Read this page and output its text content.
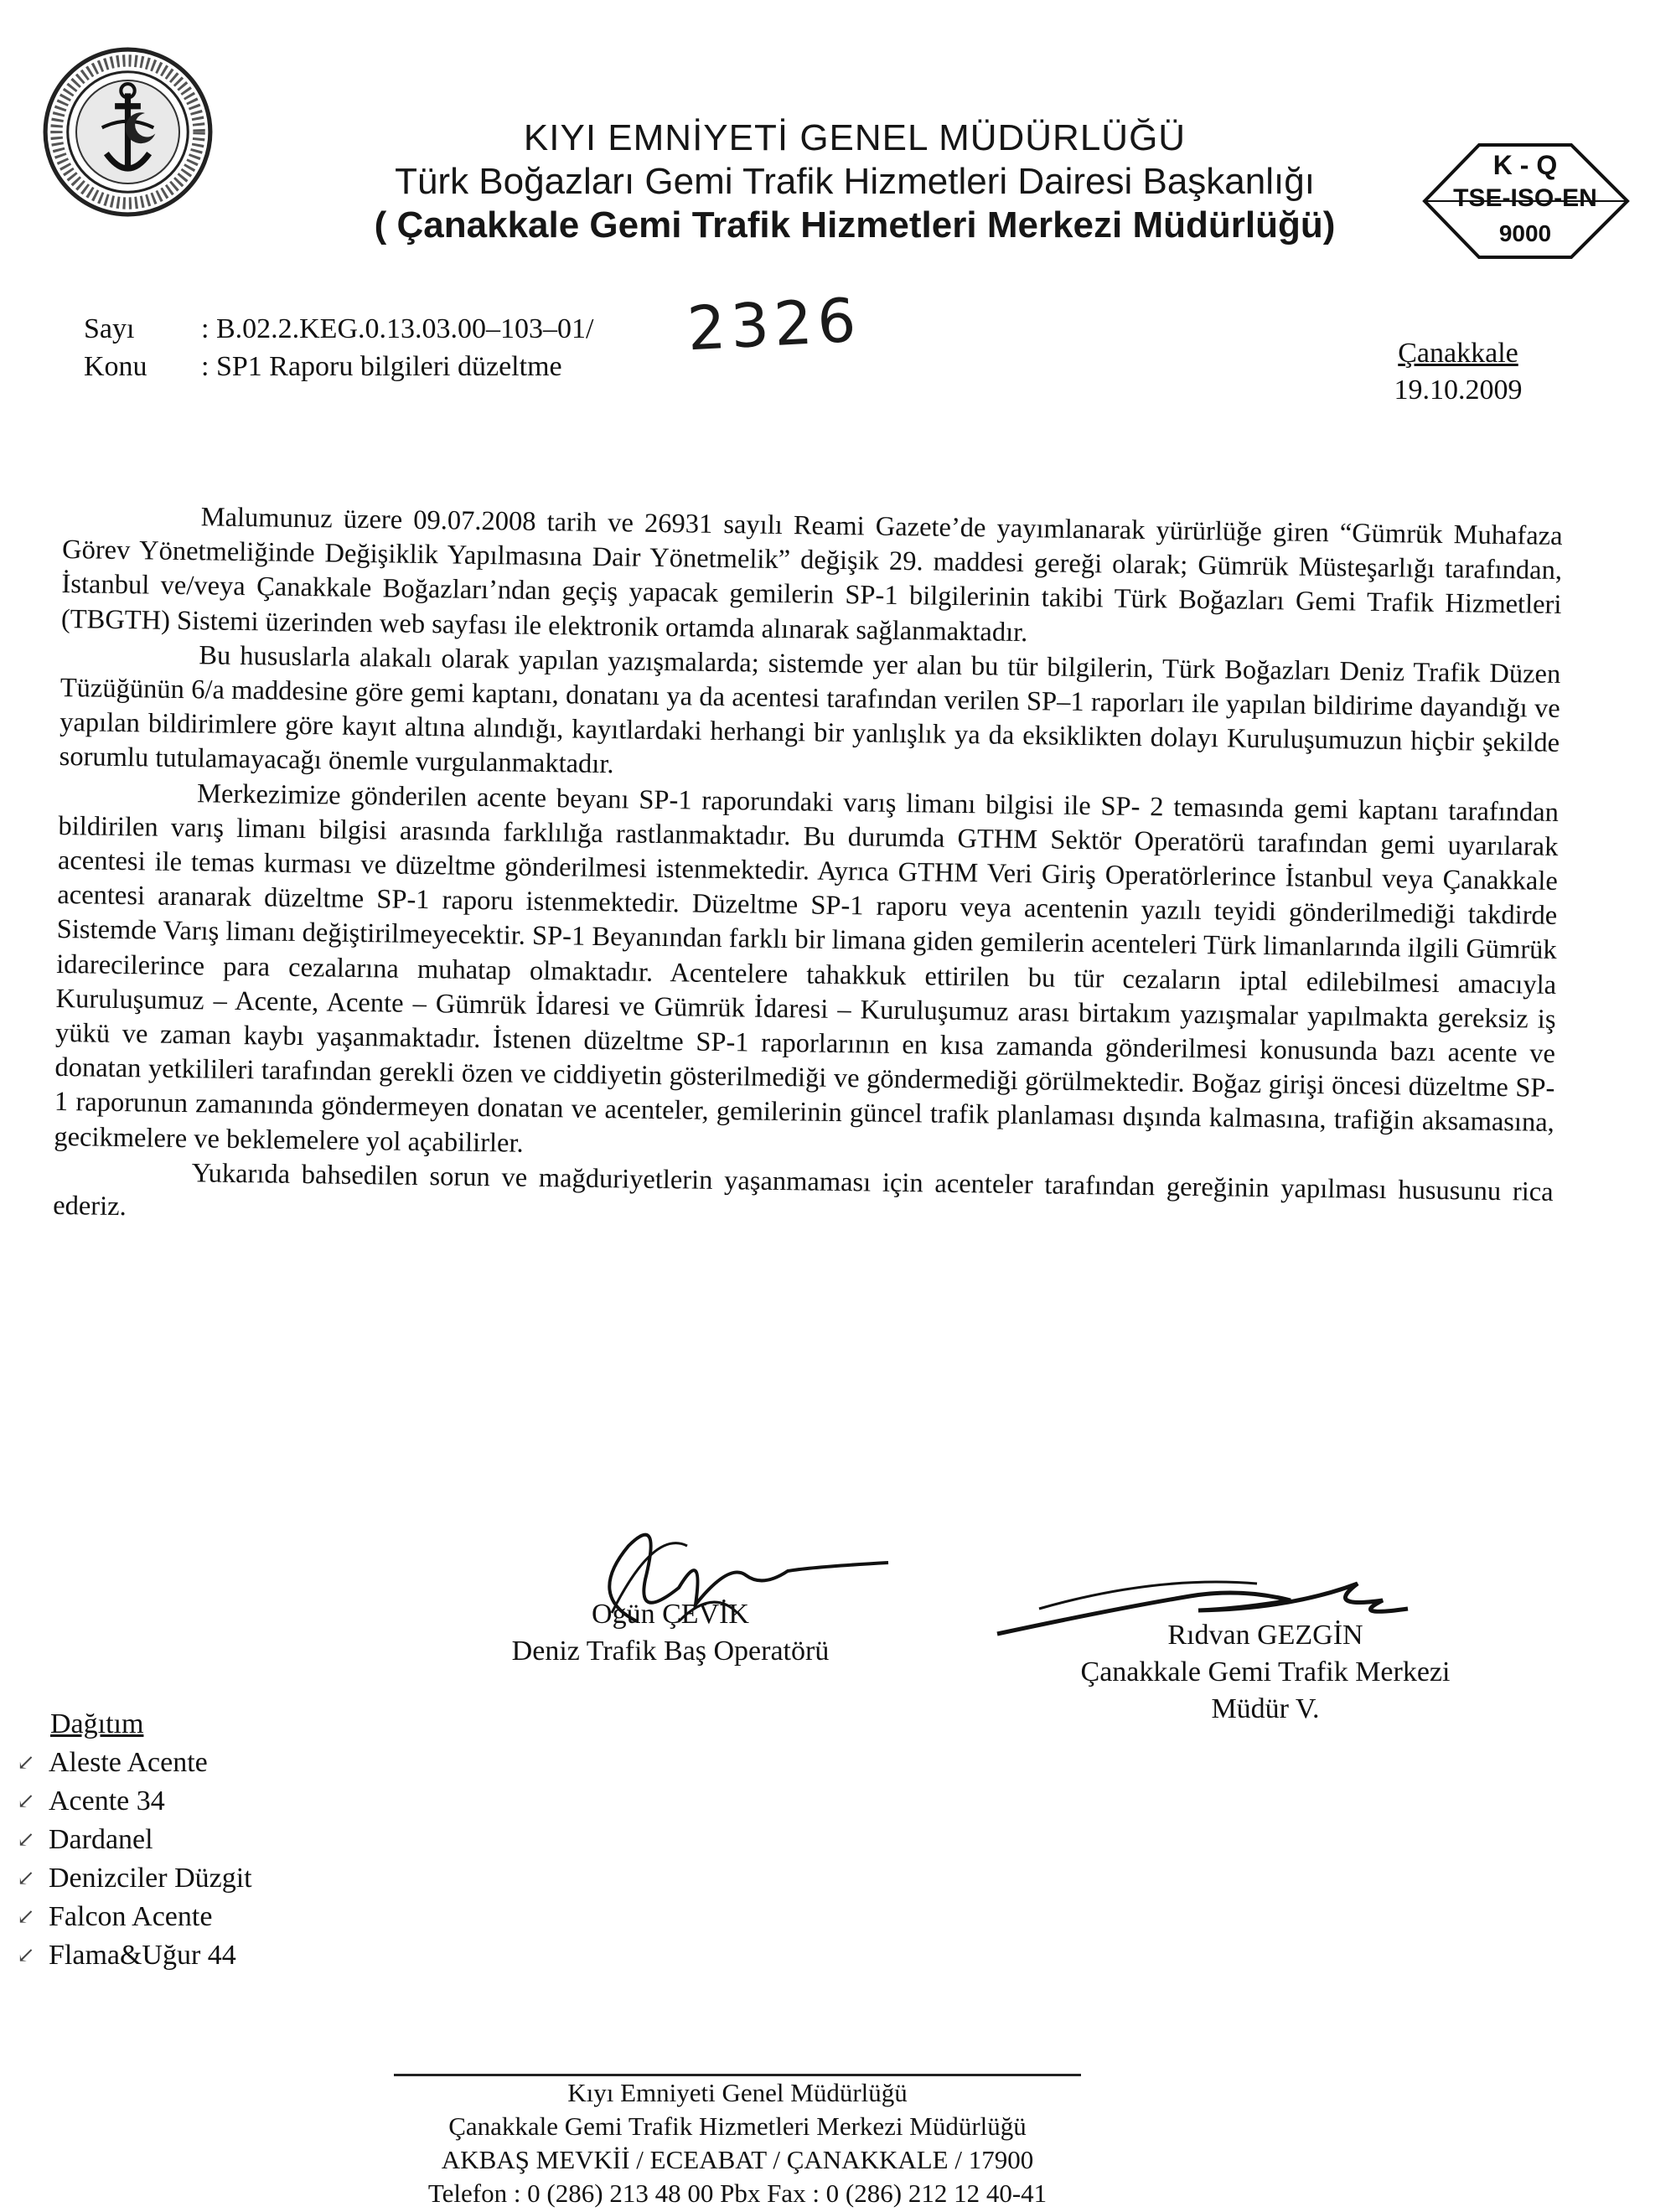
KIYI EMNİYETİ GENEL MÜDÜRLÜĞÜ
Türk Boğazları Gemi Trafik Hizmetleri Dairesi Başkanlığı
( Çanakkale Gemi Trafik Hizmetleri Merkezi Müdürlüğü)
K - Q
TSE-ISO-EN
9000
Sayı	: B.02.2.KEG.0.13.03.00–103–01/
Konu	: SP1 Raporu bilgileri düzeltme
2326	Çanakkale
19.10.2009

Malumunuz üzere 09.07.2008 tarih ve 26931 sayılı Reami Gazete’de yayımlanarak yürürlüğe giren “Gümrük Muhafaza Görev Yönetmeliğinde Değişiklik Yapılmasına Dair Yönetmelik” değişik 29. maddesi gereği olarak; Gümrük Müsteşarlığı tarafından, İstanbul ve/veya Çanakkale Boğazları’ndan geçiş yapacak gemilerin SP-1 bilgilerinin takibi Türk Boğazları Gemi Trafik Hizmetleri (TBGTH) Sistemi üzerinden web sayfası ile elektronik ortamda alınarak sağlanmaktadır.

Bu hususlarla alakalı olarak yapılan yazışmalarda; sistemde yer alan bu tür bilgilerin, Türk Boğazları Deniz Trafik Düzen Tüzüğünün 6/a maddesine göre gemi kaptanı, donatanı ya da acentesi tarafından verilen SP–1 raporları ile yapılan bildirime dayandığı ve yapılan bildirimlere göre kayıt altına alındığı, kayıtlardaki herhangi bir yanlışlık ya da eksiklikten dolayı Kuruluşumuzun hiçbir şekilde sorumlu tutulamayacağı önemle vurgulanmaktadır.

Merkezimize gönderilen acente beyanı SP-1 raporundaki varış limanı bilgisi ile SP- 2 temasında gemi kaptanı tarafından bildirilen varış limanı bilgisi arasında farklılığa rastlanmaktadır. Bu durumda GTHM Sektör Operatörü tarafından gemi uyarılarak acentesi ile temas kurması ve düzeltme gönderilmesi istenmektedir. Ayrıca GTHM Veri Giriş Operatörlerince İstanbul veya Çanakkale acentesi aranarak düzeltme SP-1 raporu istenmektedir. Düzeltme SP-1 raporu veya acentenin yazılı teyidi gönderilmediği takdirde Sistemde Varış limanı değiştirilmeyecektir. SP-1 Beyanından farklı bir limana giden gemilerin acenteleri Türk limanlarında ilgili Gümrük idarecilerince para cezalarına muhatap olmaktadır. Acentelere tahakkuk ettirilen bu tür cezaların iptal edilebilmesi amacıyla Kuruluşumuz – Acente, Acente – Gümrük İdaresi ve Gümrük İdaresi – Kuruluşumuz arası birtakım yazışmalar yapılmakta gereksiz iş yükü ve zaman kaybı yaşanmaktadır. İstenen düzeltme SP-1 raporlarının en kısa zamanda gönderilmesi konusunda bazı acente ve donatan yetkilileri tarafından gerekli özen ve ciddiyetin gösterilmediği ve göndermediği görülmektedir. Boğaz girişi öncesi düzeltme SP-1 raporunun zamanında göndermeyen donatan ve acenteler, gemilerinin güncel trafik planlaması dışında kalmasına, trafiğin aksamasına, gecikmelere ve beklemelere yol açabilirler.

Yukarıda bahsedilen sorun ve mağduriyetlerin yaşanmaması için acenteler tarafından gereğinin yapılması hususunu rica ederiz.

Ogün ÇEVİK
Deniz Trafik Baş Operatörü
Rıdvan GEZGİN
Çanakkale Gemi Trafik Merkezi
Müdür V.
Dağıtım
↙ Aleste Acente
↙ Acente 34
↙ Dardanel
↙ Denizciler Düzgit
↙ Falcon Acente
↙ Flama&Uğur 44
Kıyı Emniyeti Genel Müdürlüğü
Çanakkale Gemi Trafik Hizmetleri Merkezi Müdürlüğü
AKBAŞ MEVKİİ / ECEABAT / ÇANAKKALE / 17900
Telefon : 0 (286) 213 48 00 Pbx Fax : 0 (286) 212 12 40-41
